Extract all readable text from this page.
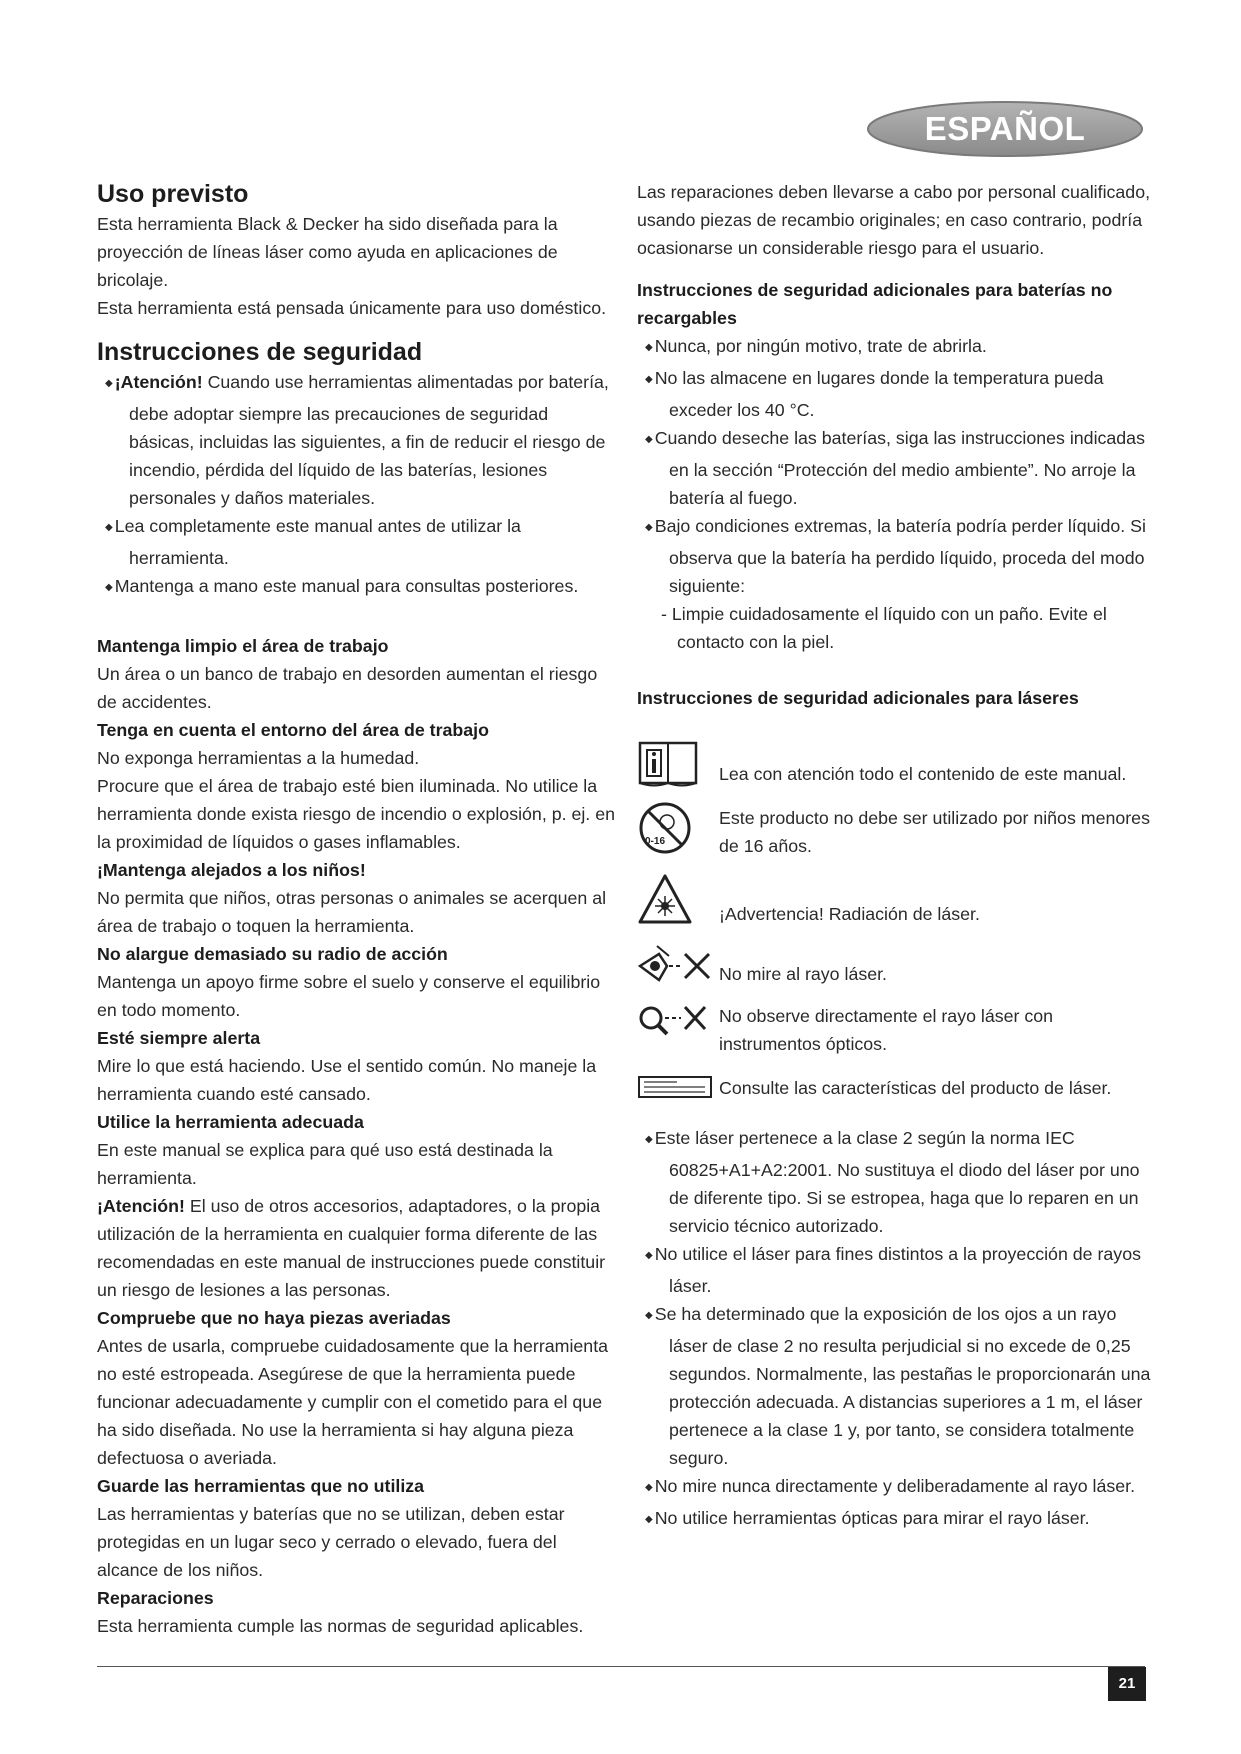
ESPAÑOL
Uso previsto

Esta herramienta Black & Decker ha sido diseñada para la proyección de líneas láser como ayuda en aplicaciones de bricolaje.

Esta herramienta está pensada únicamente para uso doméstico.

Instrucciones de seguridad

◆ ¡Atención! Cuando use herramientas alimentadas por batería, debe adoptar siempre las precauciones de seguridad básicas, incluidas las siguientes, a fin de reducir el riesgo de incendio, pérdida del líquido de las baterías, lesiones personales y daños materiales.

◆ Lea completamente este manual antes de utilizar la herramienta.

◆ Mantenga a mano este manual para consultas posteriores.

Mantenga limpio el área de trabajo

Un área o un banco de trabajo en desorden aumentan el riesgo de accidentes.

Tenga en cuenta el entorno del área de trabajo

No exponga herramientas a la humedad.

Procure que el área de trabajo esté bien iluminada. No utilice la herramienta donde exista riesgo de incendio o explosión, p. ej. en la proximidad de líquidos o gases inflamables.

¡Mantenga alejados a los niños!

No permita que niños, otras personas o animales se acerquen al área de trabajo o toquen la herramienta.

No alargue demasiado su radio de acción

Mantenga un apoyo firme sobre el suelo y conserve el equilibrio en todo momento.

Esté siempre alerta

Mire lo que está haciendo. Use el sentido común. No maneje la herramienta cuando esté cansado.

Utilice la herramienta adecuada

En este manual se explica para qué uso está destinada la herramienta.

¡Atención! El uso de otros accesorios, adaptadores, o la propia utilización de la herramienta en cualquier forma diferente de las recomendadas en este manual de instrucciones puede constituir un riesgo de lesiones a las personas.

Compruebe que no haya piezas averiadas

Antes de usarla, compruebe cuidadosamente que la herramienta no esté estropeada. Asegúrese de que la herramienta puede funcionar adecuadamente y cumplir con el cometido para el que ha sido diseñada. No use la herramienta si hay alguna pieza defectuosa o averiada.

Guarde las herramientas que no utiliza

Las herramientas y baterías que no se utilizan, deben estar protegidas en un lugar seco y cerrado o elevado, fuera del alcance de los niños.

Reparaciones

Esta herramienta cumple las normas de seguridad aplicables.

Las reparaciones deben llevarse a cabo por personal cualificado, usando piezas de recambio originales; en caso contrario, podría ocasionarse un considerable riesgo para el usuario.

Instrucciones de seguridad adicionales para baterías no recargables

◆ Nunca, por ningún motivo, trate de abrirla.

◆ No las almacene en lugares donde la temperatura pueda exceder los 40 °C.

◆ Cuando deseche las baterías, siga las instrucciones indicadas en la sección “Protección del medio ambiente”. No arroje la batería al fuego.

◆ Bajo condiciones extremas, la batería podría perder líquido. Si observa que la batería ha perdido líquido, proceda del modo siguiente:

- Limpie cuidadosamente el líquido con un paño. Evite el contacto con la piel.

Instrucciones de seguridad adicionales para láseres

Lea con atención todo el contenido de este manual.

0-16

Este producto no debe ser utilizado por niños menores de 16 años.

¡Advertencia! Radiación de láser.

No mire al rayo láser.

No observe directamente el rayo láser con instrumentos ópticos.

Consulte las características del producto de láser.

◆ Este láser pertenece a la clase 2 según la norma IEC 60825+A1+A2:2001. No sustituya el diodo del láser por uno de diferente tipo. Si se estropea, haga que lo reparen en un servicio técnico autorizado.

◆ No utilice el láser para fines distintos a la proyección de rayos láser.

◆ Se ha determinado que la exposición de los ojos a un rayo láser de clase 2 no resulta perjudicial si no excede de 0,25 segundos. Normalmente, las pestañas le proporcionarán una protección adecuada. A distancias superiores a 1 m, el láser pertenece a la clase 1 y, por tanto, se considera totalmente seguro.

◆ No mire nunca directamente y deliberadamente al rayo láser.

◆ No utilice herramientas ópticas para mirar el rayo láser.

21
